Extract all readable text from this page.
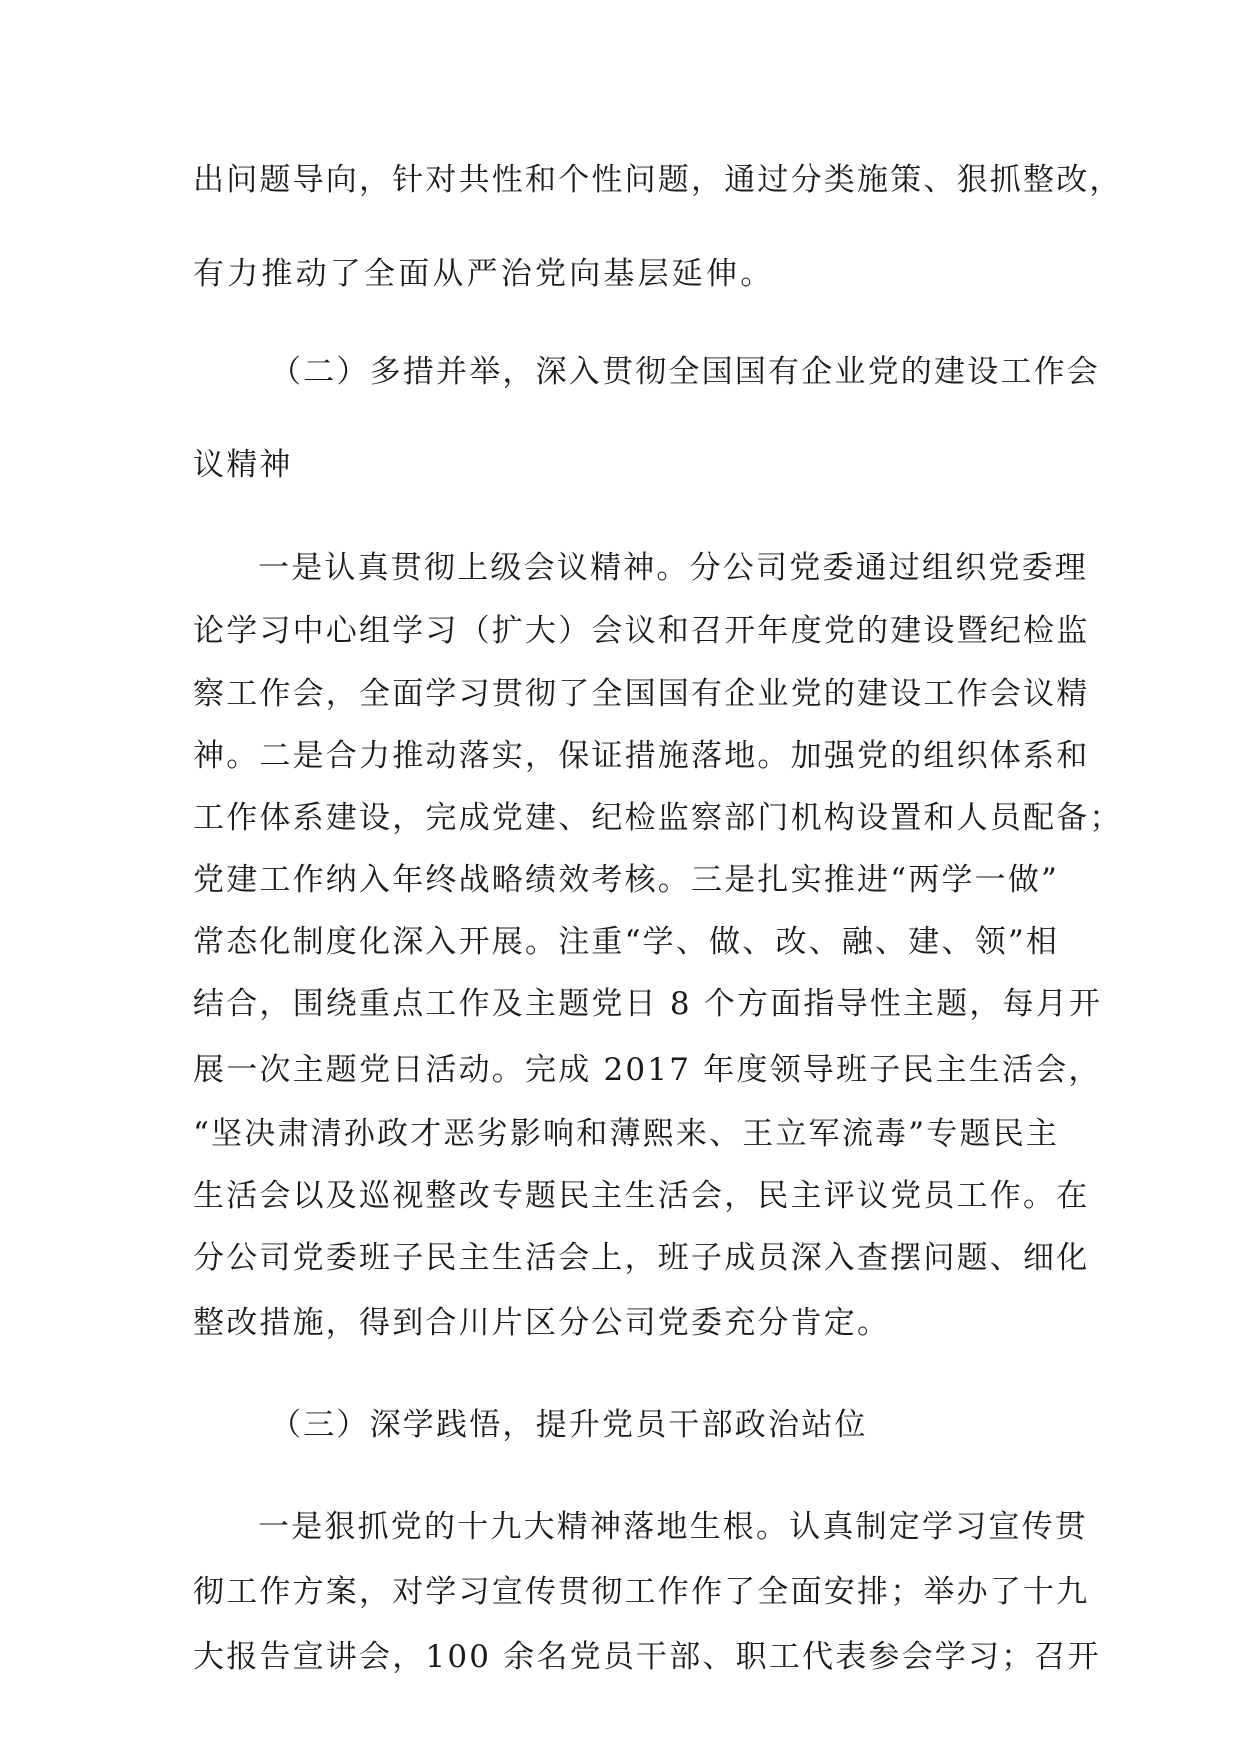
出问题导向，针对共性和个性问题，通过分类施策、狠抓整改，
有力推动了全面从严治党向基层延伸。
（二）多措并举，深入贯彻全国国有企业党的建设工作会
议精神
一是认真贯彻上级会议精神。分公司党委通过组织党委理
论学习中心组学习（扩大）会议和召开年度党的建设暨纪检监
察工作会，全面学习贯彻了全国国有企业党的建设工作会议精
神。二是合力推动落实，保证措施落地。加强党的组织体系和
工作体系建设，完成党建、纪检监察部门机构设置和人员配备；
党建工作纳入年终战略绩效考核。三是扎实推进“两学一做”
常态化制度化深入开展。注重“学、做、改、融、建、领”相
结合，围绕重点工作及主题党日 8 个方面指导性主题，每月开
展一次主题党日活动。完成 2017 年度领导班子民主生活会，
“坚决肃清孙政才恶劣影响和薄熙来、王立军流毒”专题民主
生活会以及巡视整改专题民主生活会，民主评议党员工作。在
分公司党委班子民主生活会上，班子成员深入查摆问题、细化
整改措施，得到合川片区分公司党委充分肯定。
（三）深学践悟，提升党员干部政治站位
一是狠抓党的十九大精神落地生根。认真制定学习宣传贯
彻工作方案，对学习宣传贯彻工作作了全面安排；举办了十九
大报告宣讲会，100 余名党员干部、职工代表参会学习；召开
